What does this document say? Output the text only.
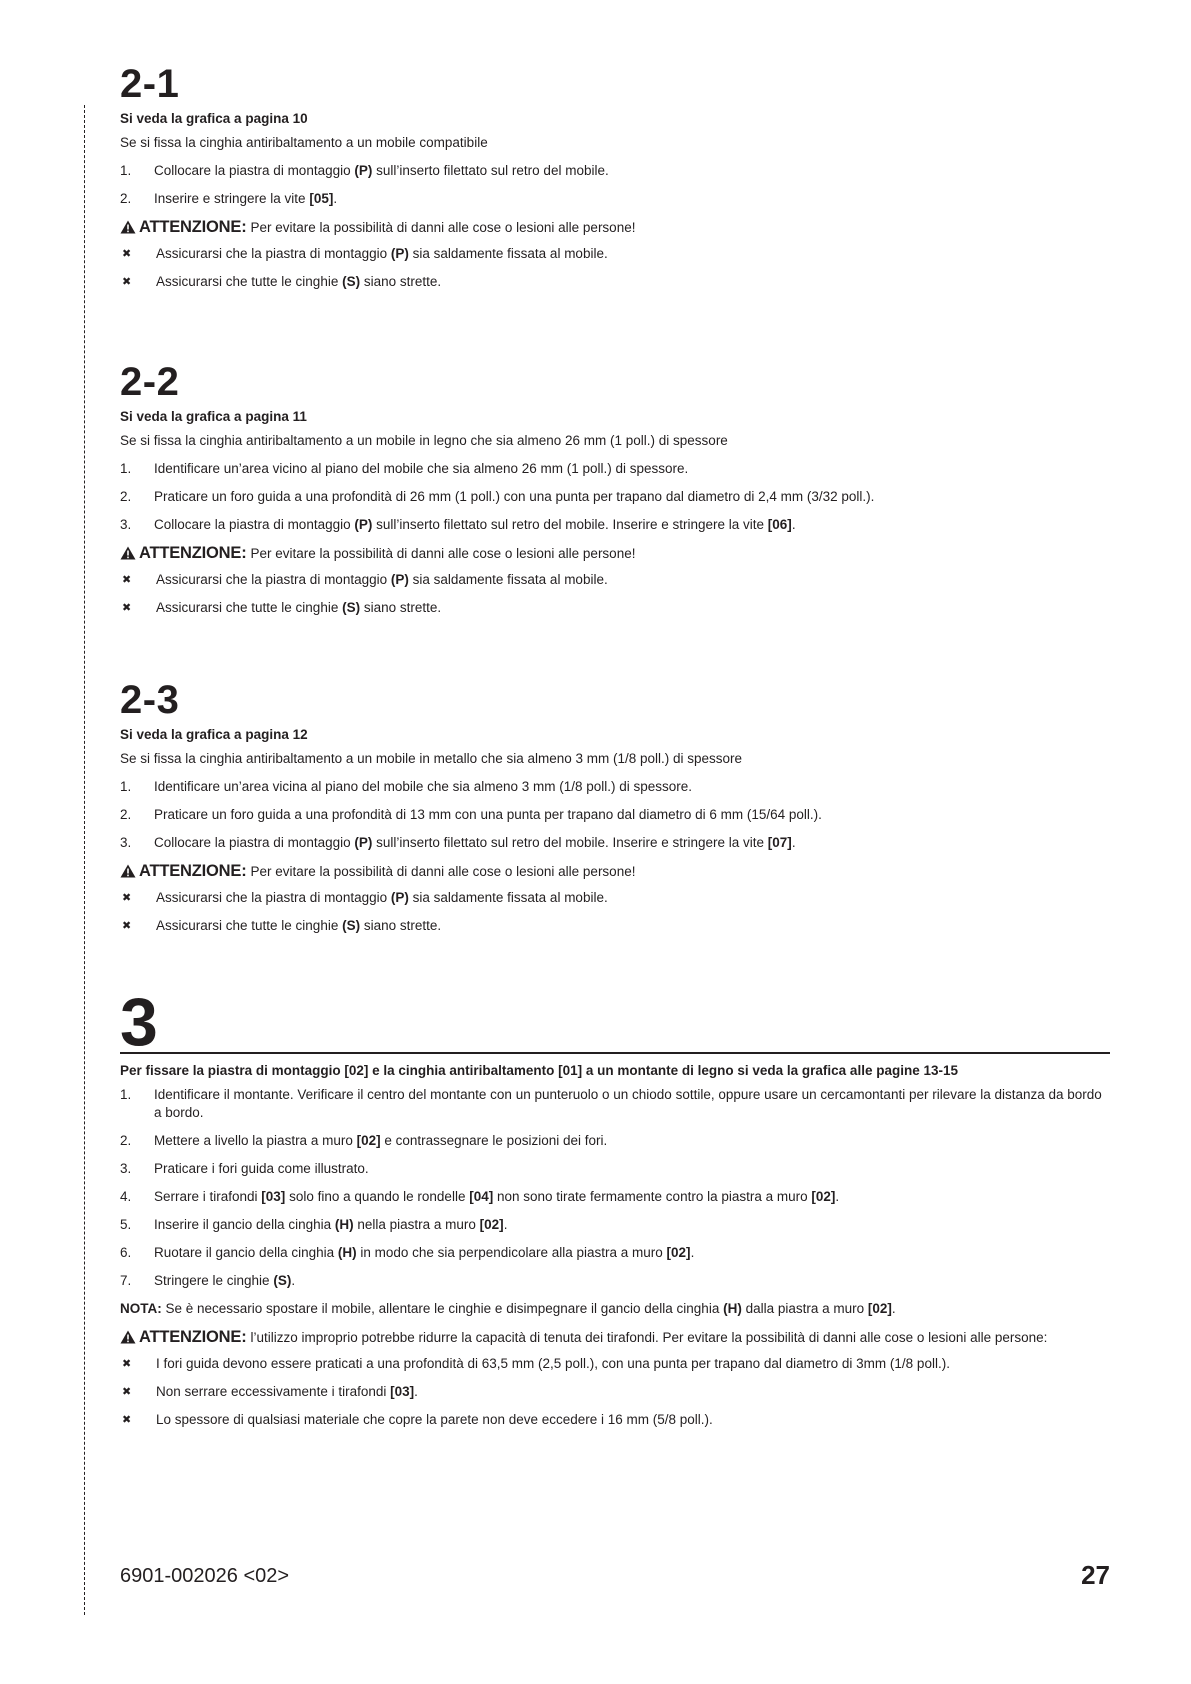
2-1
Si veda la grafica a pagina 10
Se si fissa la cinghia antiribaltamento a un mobile compatibile
1.	Collocare la piastra di montaggio (P) sull’inserto filettato sul retro del mobile.
2.	Inserire e stringere la vite [05].
ATTENZIONE: Per evitare la possibilità di danni alle cose o lesioni alle persone!
✖	Assicurarsi che la piastra di montaggio (P) sia saldamente fissata al mobile.
✖	Assicurarsi che tutte le cinghie (S) siano strette.
2-2
Si veda la grafica a pagina 11
Se si fissa la cinghia antiribaltamento a un mobile in legno che sia almeno 26 mm (1 poll.) di spessore
1.	Identificare un’area vicino al piano del mobile che sia almeno 26 mm (1 poll.) di spessore.
2.	Praticare un foro guida a una profondità di 26 mm (1 poll.) con una punta per trapano dal diametro di 2,4 mm (3/32 poll.).
3.	Collocare la piastra di montaggio (P) sull’inserto filettato sul retro del mobile. Inserire e stringere la vite [06].
ATTENZIONE: Per evitare la possibilità di danni alle cose o lesioni alle persone!
✖	Assicurarsi che la piastra di montaggio (P) sia saldamente fissata al mobile.
✖	Assicurarsi che tutte le cinghie (S) siano strette.
2-3
Si veda la grafica a pagina 12
Se si fissa la cinghia antiribaltamento a un mobile in metallo che sia almeno 3 mm (1/8 poll.) di spessore
1.	Identificare un’area vicina al piano del mobile che sia almeno 3 mm (1/8 poll.) di spessore.
2.	Praticare un foro guida a una profondità di 13 mm con una punta per trapano dal diametro di 6 mm (15/64 poll.).
3.	Collocare la piastra di montaggio (P) sull’inserto filettato sul retro del mobile. Inserire e stringere la vite [07].
ATTENZIONE: Per evitare la possibilità di danni alle cose o lesioni alle persone!
✖	Assicurarsi che la piastra di montaggio (P) sia saldamente fissata al mobile.
✖	Assicurarsi che tutte le cinghie (S) siano strette.
3
Per fissare la piastra di montaggio [02] e la cinghia antiribaltamento [01] a un montante di legno si veda la grafica alle pagine 13-15
1.	Identificare il montante. Verificare il centro del montante con un punteruolo o un chiodo sottile, oppure usare un cercamontanti per rilevare la distanza da bordo a bordo.
2.	Mettere a livello la piastra a muro [02] e contrassegnare le posizioni dei fori.
3.	Praticare i fori guida come illustrato.
4.	Serrare i tirafondi [03] solo fino a quando le rondelle [04] non sono tirate fermamente contro la piastra a muro [02].
5.	Inserire il gancio della cinghia (H) nella piastra a muro [02].
6.	Ruotare il gancio della cinghia (H) in modo che sia perpendicolare alla piastra a muro [02].
7.	Stringere le cinghie (S).
NOTA: Se è necessario spostare il mobile, allentare le cinghie e disimpegnare il gancio della cinghia (H) dalla piastra a muro [02].
ATTENZIONE: l’utilizzo improprio potrebbe ridurre la capacità di tenuta dei tirafondi. Per evitare la possibilità di danni alle cose o lesioni alle persone:
✖	I fori guida devono essere praticati a una profondità di 63,5 mm (2,5 poll.), con una punta per trapano dal diametro di 3mm (1/8 poll.).
✖	Non serrare eccessivamente i tirafondi [03].
✖	Lo spessore di qualsiasi materiale che copre la parete non deve eccedere i 16 mm (5/8 poll.).
6901-002026 <02>	27
